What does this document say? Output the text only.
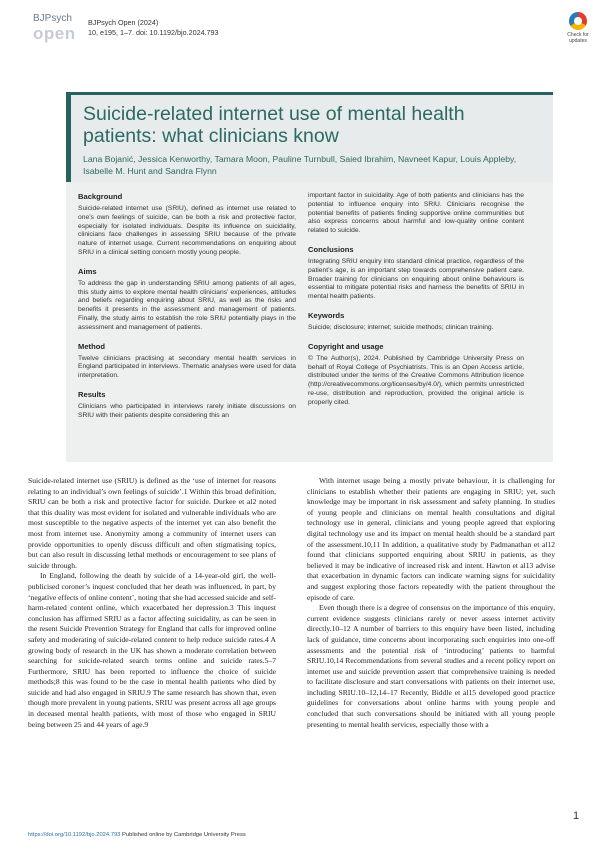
BJPsych
open
BJPsych Open (2024)
10, e195, 1–7. doi: 10.1192/bjo.2024.793	Check for
updates
Suicide-related internet use of mental health patients: what clinicians know
Lana Bojanić, Jessica Kenworthy, Tamara Moon, Pauline Turnbull, Saied Ibrahim, Navneet Kapur, Louis Appleby, Isabelle M. Hunt and Sandra Flynn
Background

Suicide-related internet use (SRIU), defined as internet use related to one’s own feelings of suicide, can be both a risk and protective factor, especially for isolated individuals. Despite its influence on suicidality, clinicians face challenges in assessing SRIU because of the private nature of internet usage. Current recommendations on enquiring about SRIU in a clinical setting concern mostly young people.

Aims

To address the gap in understanding SRIU among patients of all ages, this study aims to explore mental health clinicians’ experiences, attitudes and beliefs regarding enquiring about SRIU, as well as the risks and benefits it presents in the assessment and management of patients. Finally, the study aims to establish the role SRIU potentially plays in the assessment and management of patients.

Method

Twelve clinicians practising at secondary mental health services in England participated in interviews. Thematic analyses were used for data interpretation.

Results

Clinicians who participated in interviews rarely initiate discussions on SRIU with their patients despite considering this an

important factor in suicidality. Age of both patients and clinicians has the potential to influence enquiry into SRIU. Clinicians recognise the potential benefits of patients finding supportive online communities but also express concerns about harmful and low-quality online content related to suicide.

Conclusions

Integrating SRIU enquiry into standard clinical practice, regardless of the patient’s age, is an important step towards comprehensive patient care. Broader training for clinicians on enquiring about online behaviours is essential to mitigate potential risks and harness the benefits of SRIU in mental health patients.

Keywords

Suicide; disclosure; internet; suicide methods; clinican training.

Copyright and usage

© The Author(s), 2024. Published by Cambridge University Press on behalf of Royal College of Psychiatrists. This is an Open Access article, distributed under the terms of the Creative Commons Attribution licence (http://creativecommons.org/licenses/by/4.0/), which permits unrestricted re-use, distribution and reproduction, provided the original article is properly cited.

Suicide-related internet use (SRIU) is defined as the ‘use of internet for reasons relating to an individual’s own feelings of suicide’.1 Within this broad definition, SRIU can be both a risk and protective factor for suicide. Durkee et al2 noted that this duality was most evident for isolated and vulnerable individuals who are most susceptible to the negative aspects of the internet yet can also benefit the most from internet use. Anonymity among a community of internet users can provide opportunities to openly discuss difficult and often stigmatising topics, but can also result in discussing lethal methods or encouragement to see plans of suicide through.

In England, following the death by suicide of a 14-year-old girl, the well-publicised coroner’s inquest concluded that her death was influenced, in part, by ‘negative effects of online content’, noting that she had accessed suicide and self-harm-related content online, which exacerbated her depression.3 This inquest conclusion has affirmed SRIU as a factor affecting suicidality, as can be seen in the resent Suicide Prevention Strategy for England that calls for improved online safety and moderating of suicide-related content to help reduce suicide rates.4 A growing body of research in the UK has shown a moderate correlation between searching for suicide-related search terms online and suicide rates.5–7 Furthermore, SRIU has been reported to influence the choice of suicide methods;8 this was found to be the case in mental health patients who died by suicide and had also engaged in SRIU.9 The same research has shown that, even though more prevalent in young patients, SRIU was present across all age groups in deceased mental health patients, with most of those who engaged in SRIU being between 25 and 44 years of age.9

With internet usage being a mostly private behaviour, it is challenging for clinicians to establish whether their patients are engaging in SRIU; yet, such knowledge may be important in risk assessment and safety planning. In studies of young people and clinicians on mental health consultations and digital technology use in general, clinicians and young people agreed that exploring digital technology use and its impact on mental health should be a standard part of the assessment.10,11 In addition, a qualitative study by Padmanathan et al12 found that clinicians supported enquiring about SRIU in patients, as they believed it may be indicative of increased risk and intent. Hawton et al13 advise that exacerbation in dynamic factors can indicate warning signs for suicidality and suggest exploring those factors repeatedly with the patient throughout the episode of care.

Even though there is a degree of consensus on the importance of this enquiry, current evidence suggests clinicians rarely or never assess internet activity directly.10–12 A number of barriers to this enquiry have been listed, including lack of guidance, time concerns about incorporating such enquiries into one-off assessments and the potential risk of ‘introducing’ patients to harmful SRIU.10,14 Recommendations from several studies and a recent policy report on internet use and suicide prevention assert that comprehensive training is needed to facilitate disclosure and start conversations with patients on their internet use, including SRIU.10–12,14–17 Recently, Biddle et al15 developed good practice guidelines for conversations about online harms with young people and concluded that such conversations should be initiated with all young people presenting to mental health services, especially those with a

https://doi.org/10.1192/bjo.2024.793 Published online by Cambridge University Press
1
